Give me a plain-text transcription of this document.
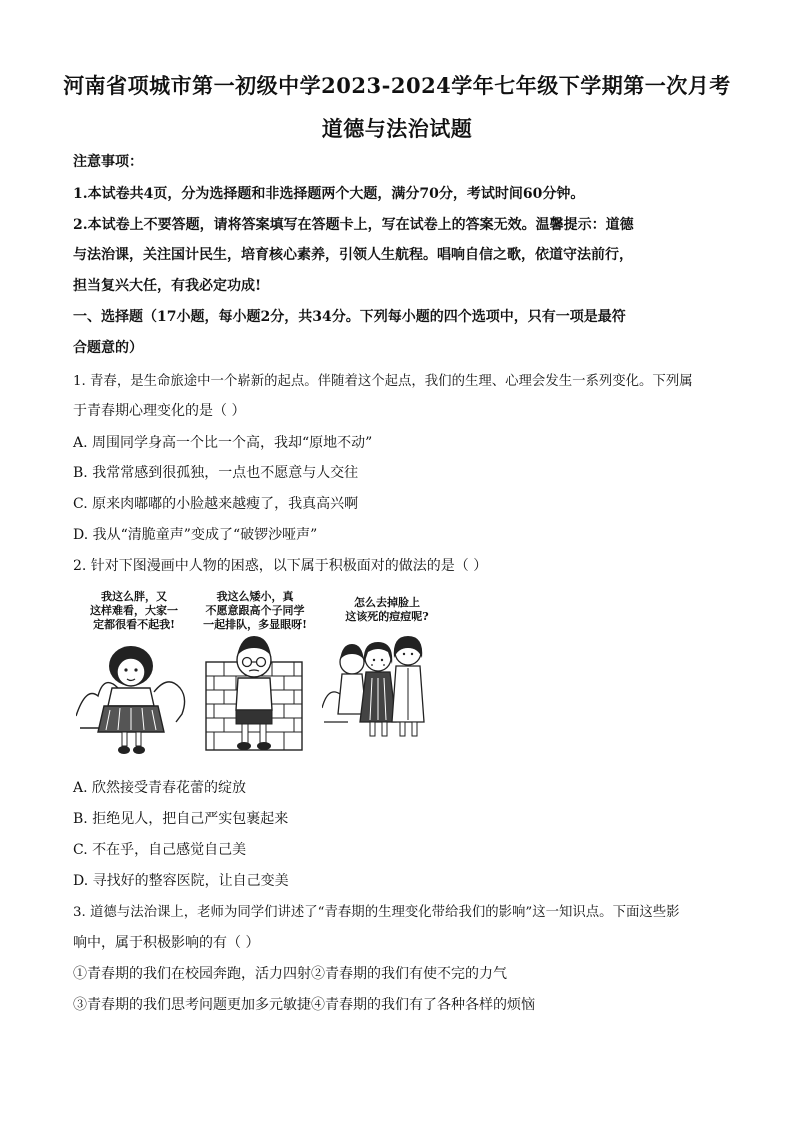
河南省项城市第一初级中学2023-2024学年七年级下学期第一次月考
道德与法治试题
注意事项：
1.本试卷共4页，分为选择题和非选择题两个大题，满分70分，考试时间60分钟。
2.本试卷上不要答题，请将答案填写在答题卡上，写在试卷上的答案无效。温馨提示：道德
与法治课，关注国计民生，培育核心素养，引领人生航程。唱响自信之歌，依道守法前行，
担当复兴大任，有我必定功成!
一、选择题（17小题，每小题2分，共34分。下列每小题的四个选项中，只有一项是最符
合题意的）
1. 青春，是生命旅途中一个崭新的起点。伴随着这个起点，我们的生理、心理会发生一系列变化。下列属
于青春期心理变化的是（ ）
A. 周围同学身高一个比一个高，我却“原地不动”
B. 我常常感到很孤独，一点也不愿意与人交往
C. 原来肉嘟嘟的小脸越来越瘦了，我真高兴啊
D. 我从“清脆童声”变成了“破锣沙哑声”
2. 针对下图漫画中人物的困惑，以下属于积极面对的做法的是（ ）
我这么胖，又
这样难看，大家一
定都很看不起我!
我这么矮小，真
不愿意跟高个子同学
一起排队，多显眼呀!
怎么去掉脸上
这该死的痘痘呢?
A. 欣然接受青春花蕾的绽放
B. 拒绝见人，把自己严实包裹起来
C. 不在乎，自己感觉自己美
D. 寻找好的整容医院，让自己变美
3. 道德与法治课上，老师为同学们讲述了“青春期的生理变化带给我们的影响”这一知识点。下面这些影
响中，属于积极影响的有（ ）
①青春期的我们在校园奔跑，活力四射②青春期的我们有使不完的力气
③青春期的我们思考问题更加多元敏捷④青春期的我们有了各种各样的烦恼
